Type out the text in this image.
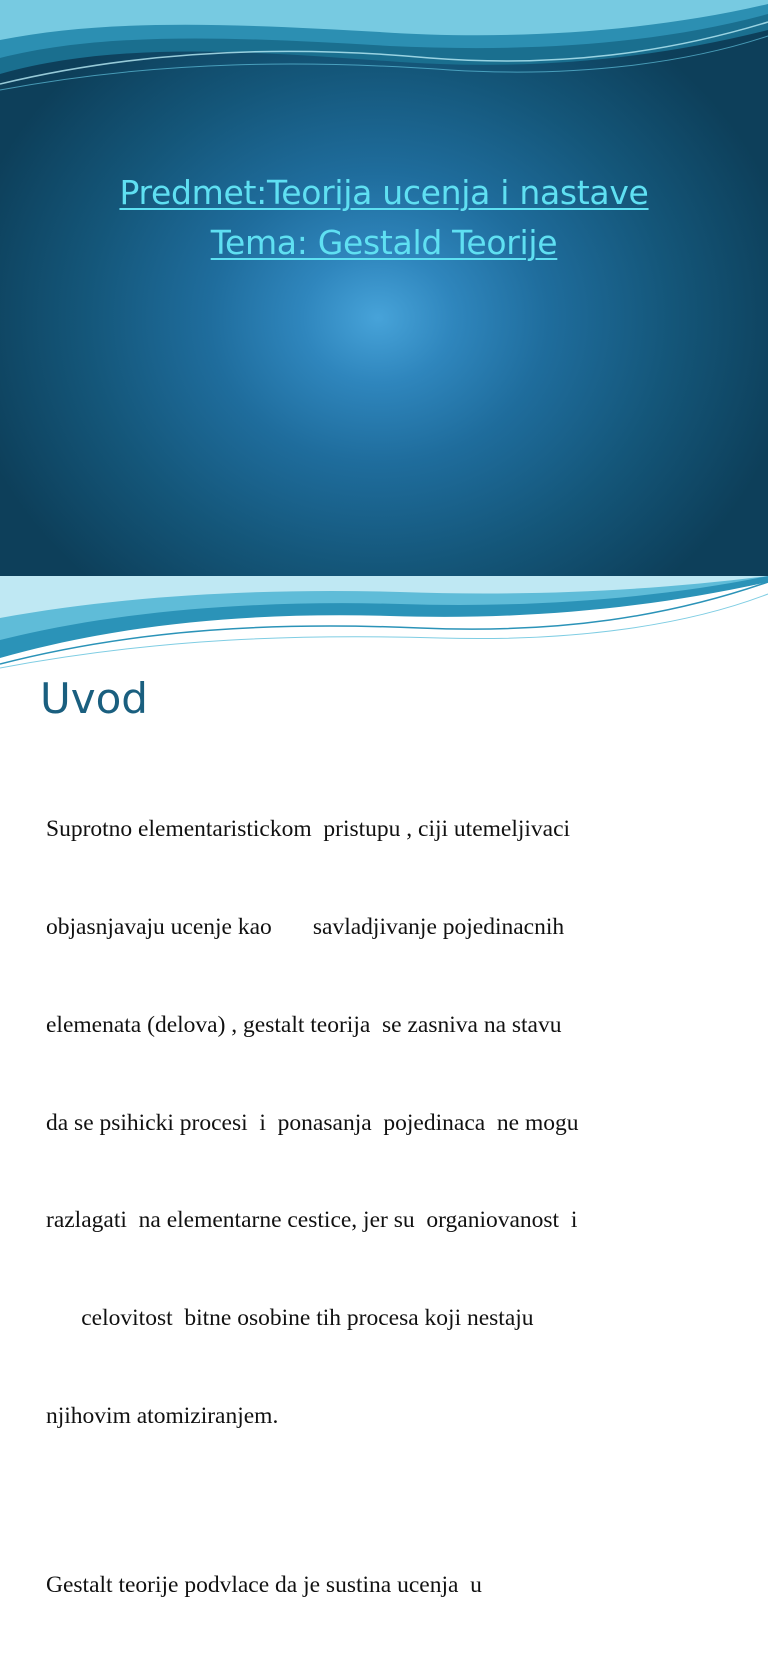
Predmet:Teorija ucenja i nastave
Tema: Gestald Teorije
Uvod

Suprotno elementaristickom  pristupu , ciji utemeljivaci

objasnjavaju ucenje kao       savladjivanje pojedinacnih

elemenata (delova) , gestalt teorija  se zasniva na stavu

da se psihicki procesi  i  ponasanja  pojedinaca  ne mogu

razlagati  na elementarne cestice, jer su  organiovanost  i

celovitost  bitne osobine tih procesa koji nestaju

njihovim atomiziranjem.

Gestalt teorije podvlace da je sustina ucenja  u
